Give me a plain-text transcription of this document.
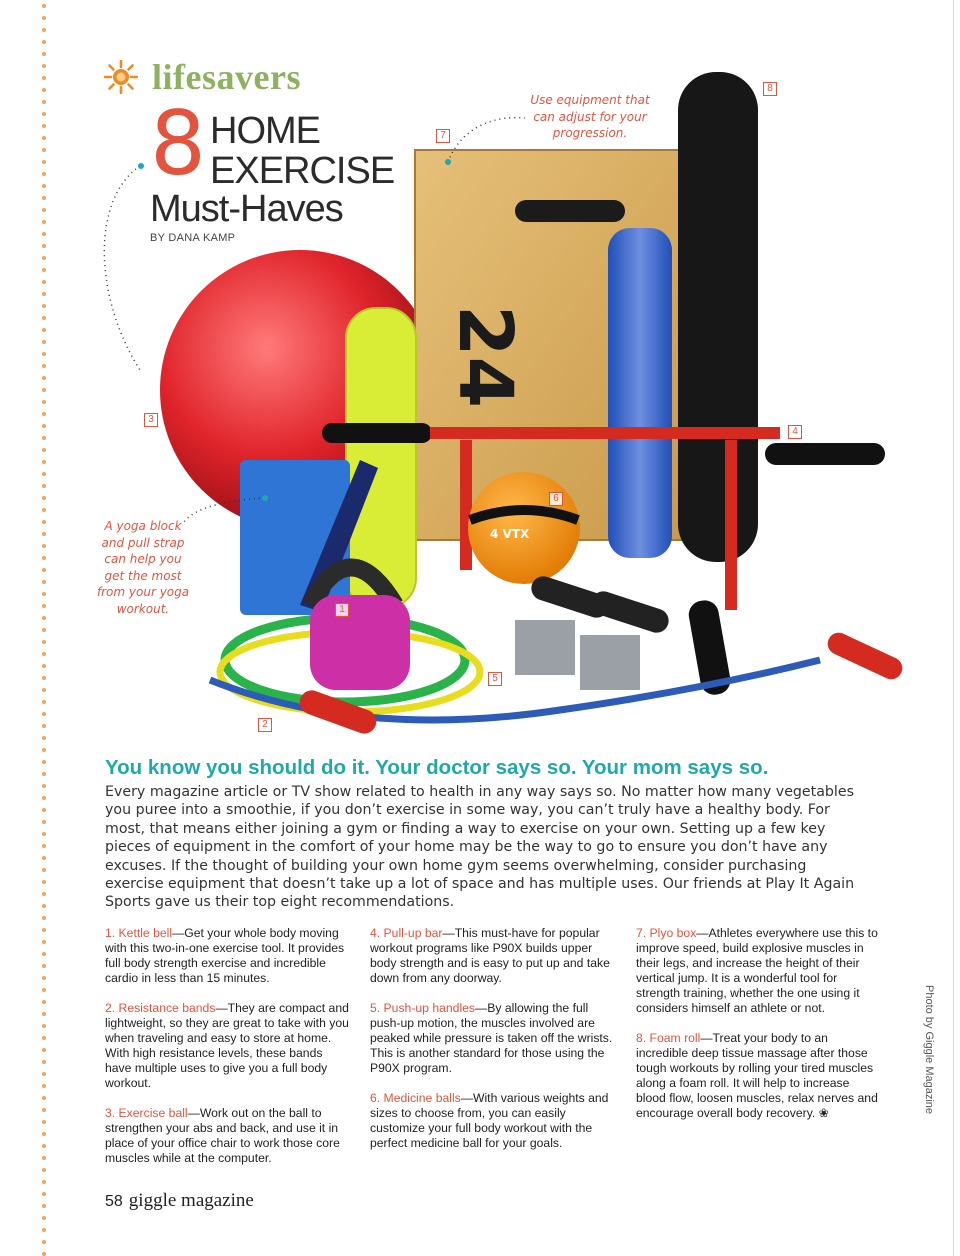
24
4 VTX
lifesavers
8 HOME
EXERCISE
Must-Haves
BY DANA KAMP
1
2
3
4
5
6
7
8
Use equipment that
can adjust for your
progression.
A yoga block
and pull strap
can help you
get the most
from your yoga
workout.
You know you should do it. Your doctor says so. Your mom says so.
Every magazine article or TV show related to health in any way says so. No matter how many vegetables you puree into a smoothie, if you don’t exercise in some way, you can’t truly have a healthy body. For most, that means either joining a gym or finding a way to exercise on your own. Setting up a few key pieces of equipment in the comfort of your home may be the way to go to ensure you don’t have any excuses. If the thought of building your own home gym seems overwhelming, consider purchasing exercise equipment that doesn’t take up a lot of space and has multiple uses. Our friends at Play It Again Sports gave us their top eight recommendations.
1. Kettle bell—Get your whole body moving with this two-in-one exercise tool. It provides full body strength exercise and incredible cardio in less than 15 minutes.
2. Resistance bands—They are compact and lightweight, so they are great to take with you when traveling and easy to store at home. With high resistance levels, these bands have multiple uses to give you a full body workout.
3. Exercise ball—Work out on the ball to strengthen your abs and back, and use it in place of your office chair to work those core muscles while at the computer.
4. Pull-up bar—This must-have for popular workout programs like P90X builds upper body strength and is easy to put up and take down from any doorway.
5. Push-up handles—By allowing the full push-up motion, the muscles involved are peaked while pressure is taken off the wrists. This is another standard for those using the P90X program.
6. Medicine balls—With various weights and sizes to choose from, you can easily customize your full body workout with the perfect medicine ball for your goals.
7. Plyo box—Athletes everywhere use this to improve speed, build explosive muscles in their legs, and increase the height of their vertical jump. It is a wonderful tool for strength training, whether the one using it considers himself an athlete or not.
8. Foam roll—Treat your body to an incredible deep tissue massage after those tough workouts by rolling your tired muscles along a foam roll. It will help to increase blood flow, loosen muscles, relax nerves and encourage overall body recovery. ❀	Photo by Giggle Magazine
58 giggle magazine
